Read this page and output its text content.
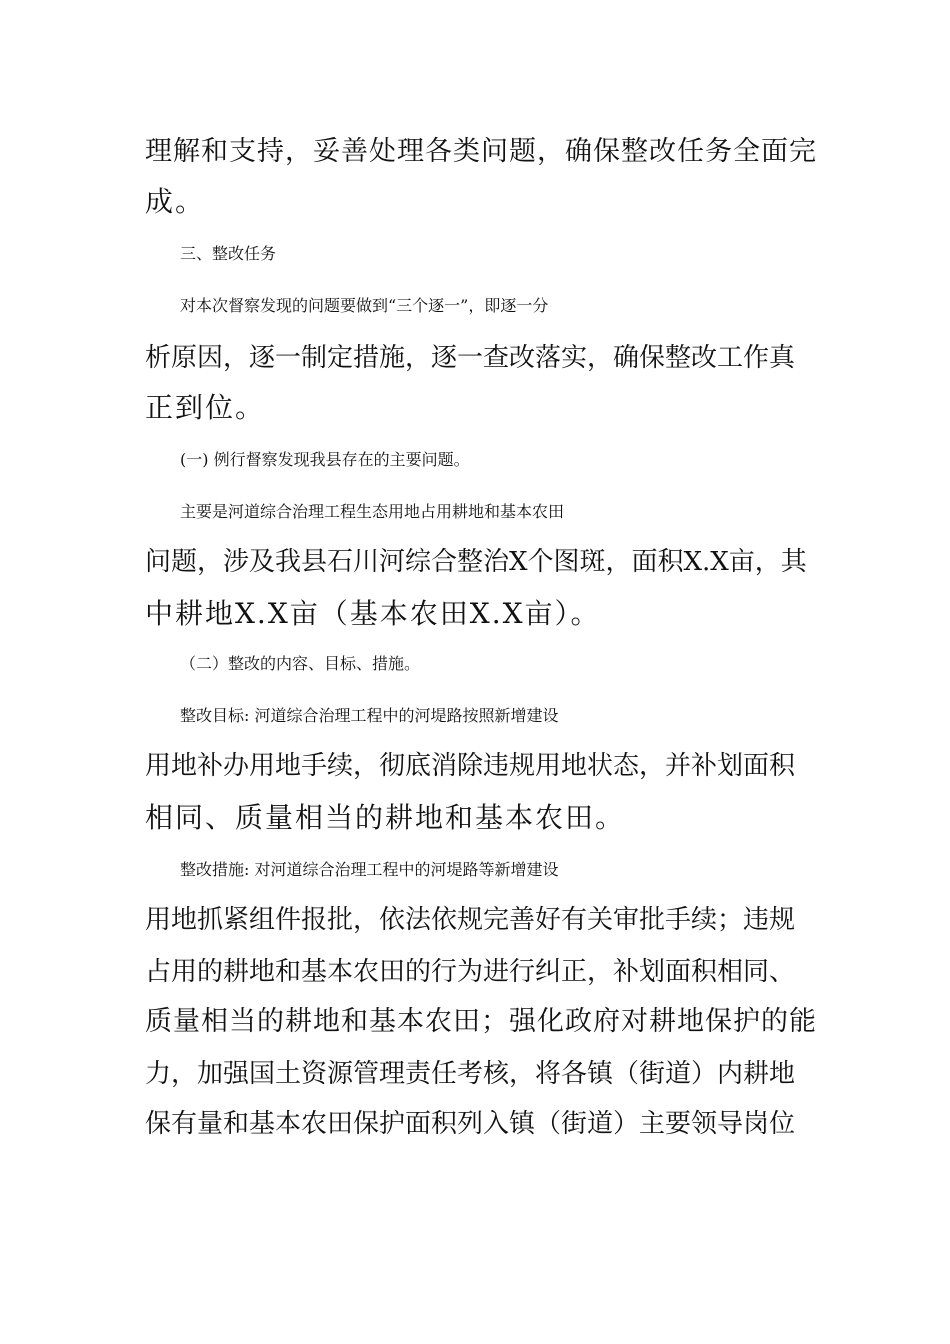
理解和支持，妥善处理各类问题，确保整改任务全面完
成。
三、整改任务
对本次督察发现的问题要做到“三个逐一”，即逐一分
析原因，逐一制定措施，逐一查改落实，确保整改工作真
正到位。
(一) 例行督察发现我县存在的主要问题。
主要是河道综合治理工程生态用地占用耕地和基本农田
问题，涉及我县石川河综合整治X个图斑，面积X.X亩，其
中耕地X.X亩（基本农田X.X亩）。
（二）整改的内容、目标、措施。
整改目标: 河道综合治理工程中的河堤路按照新增建设
用地补办用地手续，彻底消除违规用地状态，并补划面积
相同、质量相当的耕地和基本农田。
整改措施: 对河道综合治理工程中的河堤路等新增建设
用地抓紧组件报批，依法依规完善好有关审批手续；违规
占用的耕地和基本农田的行为进行纠正，补划面积相同、
质量相当的耕地和基本农田；强化政府对耕地保护的能
力，加强国土资源管理责任考核，将各镇（街道）内耕地
保有量和基本农田保护面积列入镇（街道）主要领导岗位
